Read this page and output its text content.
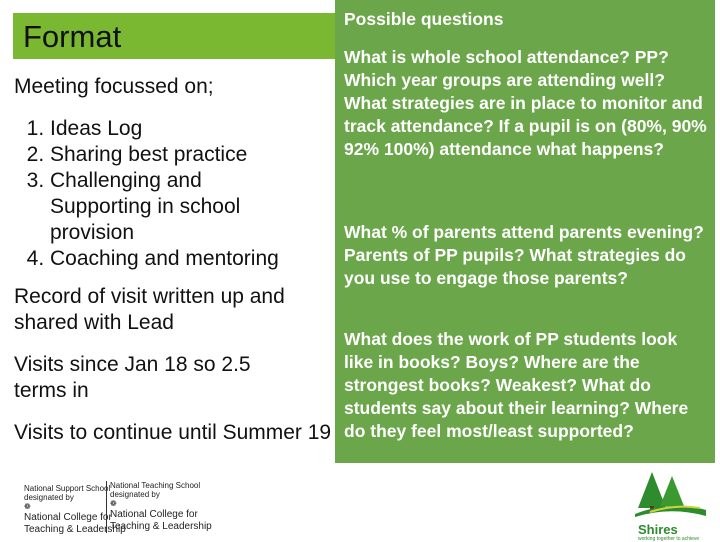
Format

Meeting focussed on;

1. Ideas Log
2. Sharing best practice
3. Challenging and Supporting in school provision
4. Coaching and mentoring

Record of visit written up and shared with Lead

Visits since Jan 18 so 2.5 terms in

Visits to continue until Summer 19

Possible questions
What is whole school attendance? PP? Which year groups are attending well? What strategies are in place to monitor and track attendance? If a pupil is on (80%, 90% 92% 100%) attendance what happens?
What % of parents attend parents evening? Parents of PP pupils? What strategies do you use to engage those parents?
What does the work of PP students look like in books? Boys? Where are the strongest books? Weakest? What do students say about their learning? Where do they feel most/least supported?
National Support School
designated by
❁
National College for
Teaching & Leadership
National Teaching School
designated by
❁
National College for
Teaching & Leadership	Shires
working together to achieve
